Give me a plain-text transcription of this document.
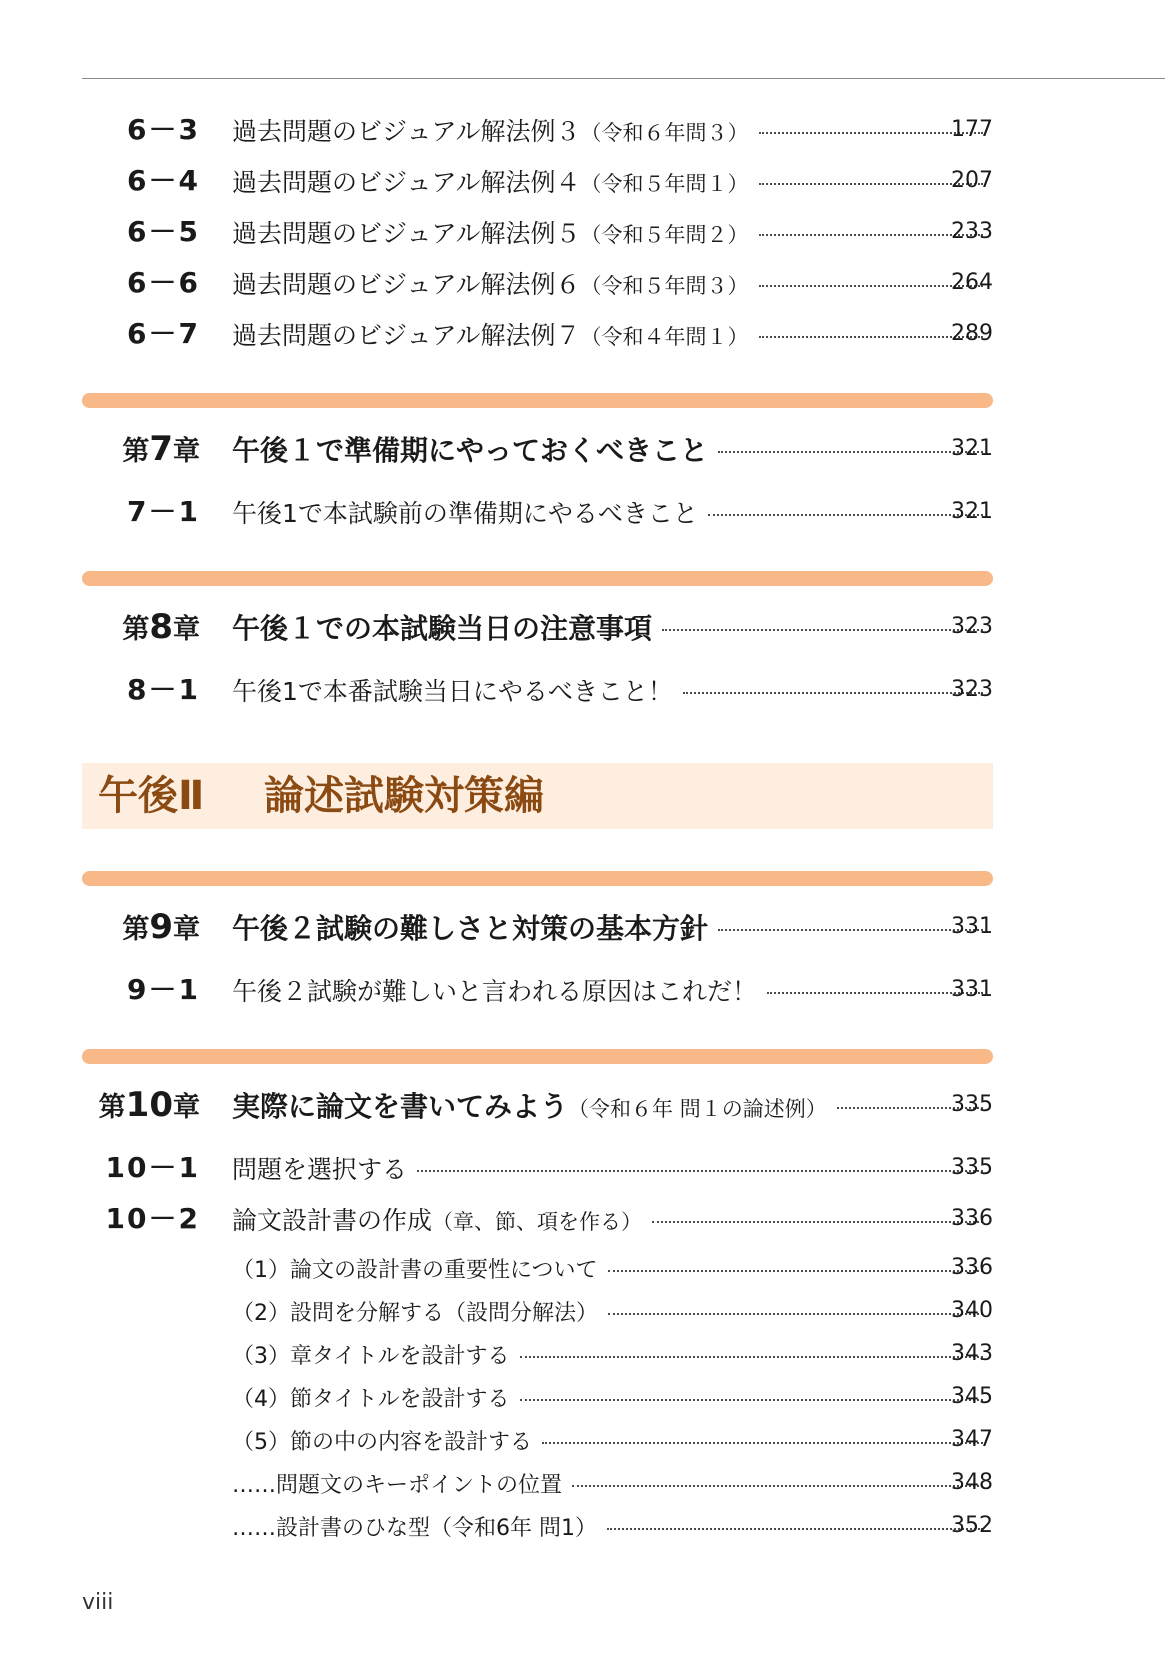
6－3 過去問題のビジュアル解法例３（令和６年問３）	177
6－4 過去問題のビジュアル解法例４（令和５年問１）	207
6－5 過去問題のビジュアル解法例５（令和５年問２）	233
6－6 過去問題のビジュアル解法例６（令和５年問３）	264
6－7 過去問題のビジュアル解法例７（令和４年問１）	289
第7章 午後１で準備期にやっておくべきこと	321
7－1 午後1で本試験前の準備期にやるべきこと	321
第8章 午後１での本試験当日の注意事項	323
8－1 午後1で本番試験当日にやるべきこと！	323
午後Ⅱ 論述試験対策編
第9章 午後２試験の難しさと対策の基本方針	331
9－1 午後２試験が難しいと言われる原因はこれだ！	331
第10章 実際に論文を書いてみよう（令和６年 問１の論述例）	335
10－1 問題を選択する	335
10－2 論文設計書の作成（章、節、項を作る）	336
（1）論文の設計書の重要性について	336
（2）設問を分解する（設問分解法）	340
（3）章タイトルを設計する	343
（4）節タイトルを設計する	345
（5）節の中の内容を設計する	347
……問題文のキーポイントの位置	348
……設計書のひな型（令和6年 問1）	352
viii
